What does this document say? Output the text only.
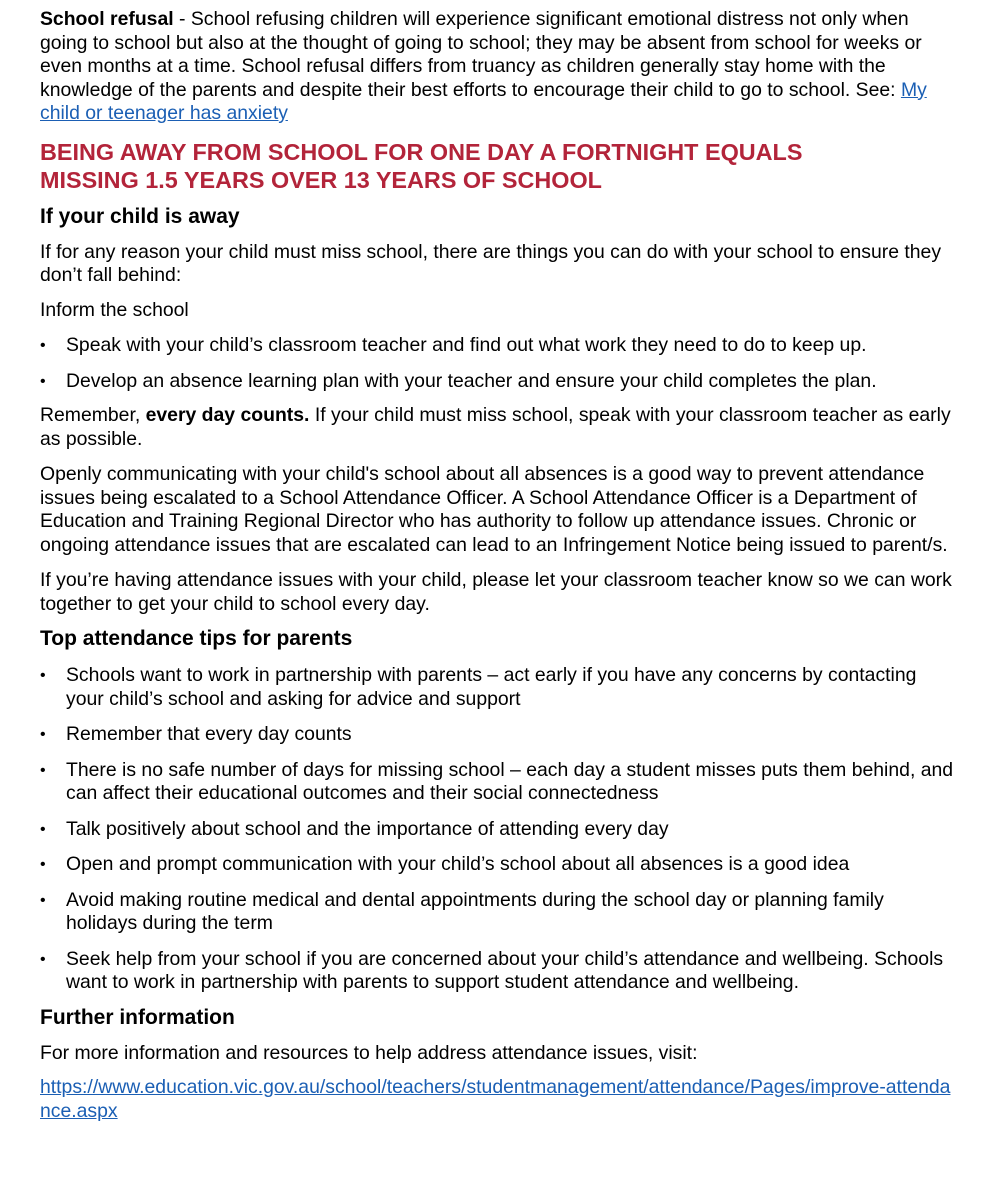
School refusal - School refusing children will experience significant emotional distress not only when going to school but also at the thought of going to school; they may be absent from school for weeks or even months at a time. School refusal differs from truancy as children generally stay home with the knowledge of the parents and despite their best efforts to encourage their child to go to school. See: My child or teenager has anxiety

BEING AWAY FROM SCHOOL FOR ONE DAY A FORTNIGHT EQUALS
MISSING 1.5 YEARS OVER 13 YEARS OF SCHOOL
If your child is away

If for any reason your child must miss school, there are things you can do with your school to ensure they don’t fall behind:

Inform the school

•	Speak with your child’s classroom teacher and find out what work they need to do to keep up.
•	Develop an absence learning plan with your teacher and ensure your child completes the plan.

Remember, every day counts. If your child must miss school, speak with your classroom teacher as early as possible.

Openly communicating with your child's school about all absences is a good way to prevent attendance issues being escalated to a School Attendance Officer. A School Attendance Officer is a Department of Education and Training Regional Director who has authority to follow up attendance issues. Chronic or ongoing attendance issues that are escalated can lead to an Infringement Notice being issued to parent/s.

If you’re having attendance issues with your child, please let your classroom teacher know so we can work together to get your child to school every day.

Top attendance tips for parents
•	Schools want to work in partnership with parents – act early if you have any concerns by contacting your child’s school and asking for advice and support
•	Remember that every day counts
•	There is no safe number of days for missing school – each day a student misses puts them behind, and can affect their educational outcomes and their social connectedness
•	Talk positively about school and the importance of attending every day
•	Open and prompt communication with your child’s school about all absences is a good idea
•	Avoid making routine medical and dental appointments during the school day or planning family holidays during the term
•	Seek help from your school if you are concerned about your child’s attendance and wellbeing. Schools want to work in partnership with parents to support student attendance and wellbeing.
Further information

For more information and resources to help address attendance issues, visit:

https://www.education.vic.gov.au/school/teachers/studentmanagement/attendance/Pages/improve-attendance.aspx
